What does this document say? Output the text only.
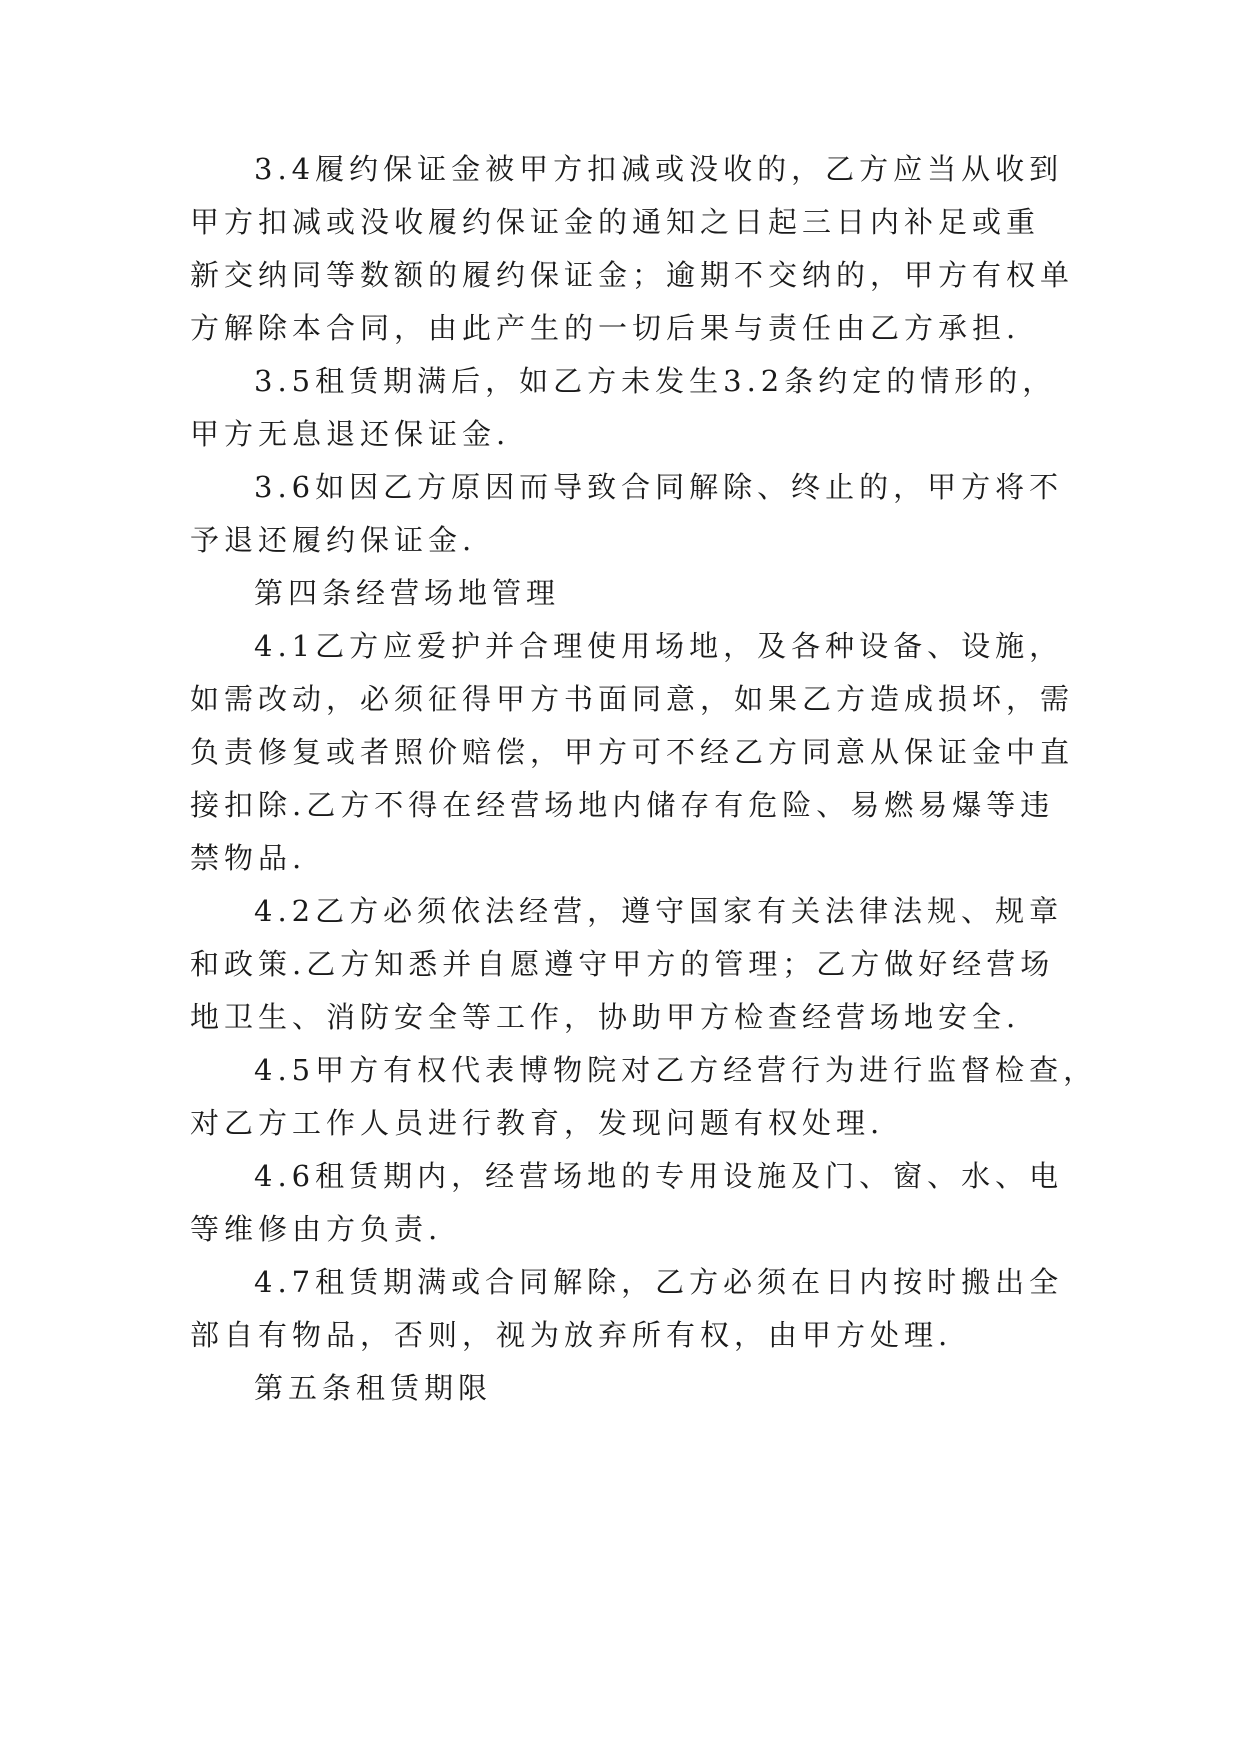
3.4履约保证金被甲方扣减或没收的，乙方应当从收到
甲方扣减或没收履约保证金的通知之日起三日内补足或重
新交纳同等数额的履约保证金；逾期不交纳的，甲方有权单
方解除本合同，由此产生的一切后果与责任由乙方承担.
3.5租赁期满后，如乙方未发生3.2条约定的情形的，
甲方无息退还保证金.
3.6如因乙方原因而导致合同解除、终止的，甲方将不
予退还履约保证金.
第四条经营场地管理
4.1乙方应爱护并合理使用场地，及各种设备、设施，
如需改动，必须征得甲方书面同意，如果乙方造成损坏，需
负责修复或者照价赔偿，甲方可不经乙方同意从保证金中直
接扣除.乙方不得在经营场地内储存有危险、易燃易爆等违
禁物品.
4.2乙方必须依法经营，遵守国家有关法律法规、规章
和政策.乙方知悉并自愿遵守甲方的管理；乙方做好经营场
地卫生、消防安全等工作，协助甲方检查经营场地安全.
4.5甲方有权代表博物院对乙方经营行为进行监督检查，
对乙方工作人员进行教育，发现问题有权处理.
4.6租赁期内，经营场地的专用设施及门、窗、水、电
等维修由方负责.
4.7租赁期满或合同解除，乙方必须在日内按时搬出全
部自有物品，否则，视为放弃所有权，由甲方处理.
第五条租赁期限
